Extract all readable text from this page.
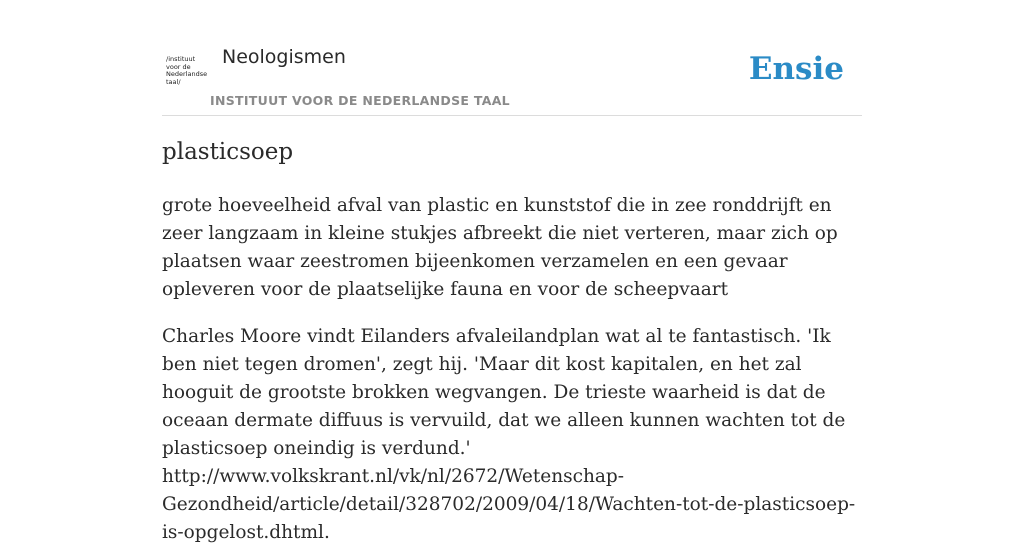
/instituut
voor de
Nederlandse
taal/
Neologismen
INSTITUUT VOOR DE NEDERLANDSE TAAL
Ensie
plasticsoep

grote hoeveelheid afval van plastic en kunststof die in zee ronddrijft en zeer langzaam in kleine stukjes afbreekt die niet verteren, maar zich op plaatsen waar zeestromen bijeenkomen verzamelen en een gevaar opleveren voor de plaatselijke fauna en voor de scheepvaart

Charles Moore vindt Eilanders afvaleilandplan wat al te fantastisch. 'Ik ben niet tegen dromen', zegt hij. 'Maar dit kost kapitalen, en het zal hooguit de grootste brokken wegvangen. De trieste waarheid is dat de oceaan dermate diffuus is vervuild, dat we alleen kunnen wachten tot de plasticsoep oneindig is verdund.'
http://www.volkskrant.nl/vk/nl/2672/Wetenschap-Gezondheid/article/detail/328702/2009/04/18/Wachten-tot-de-plasticsoep-is-opgelost.dhtml.
